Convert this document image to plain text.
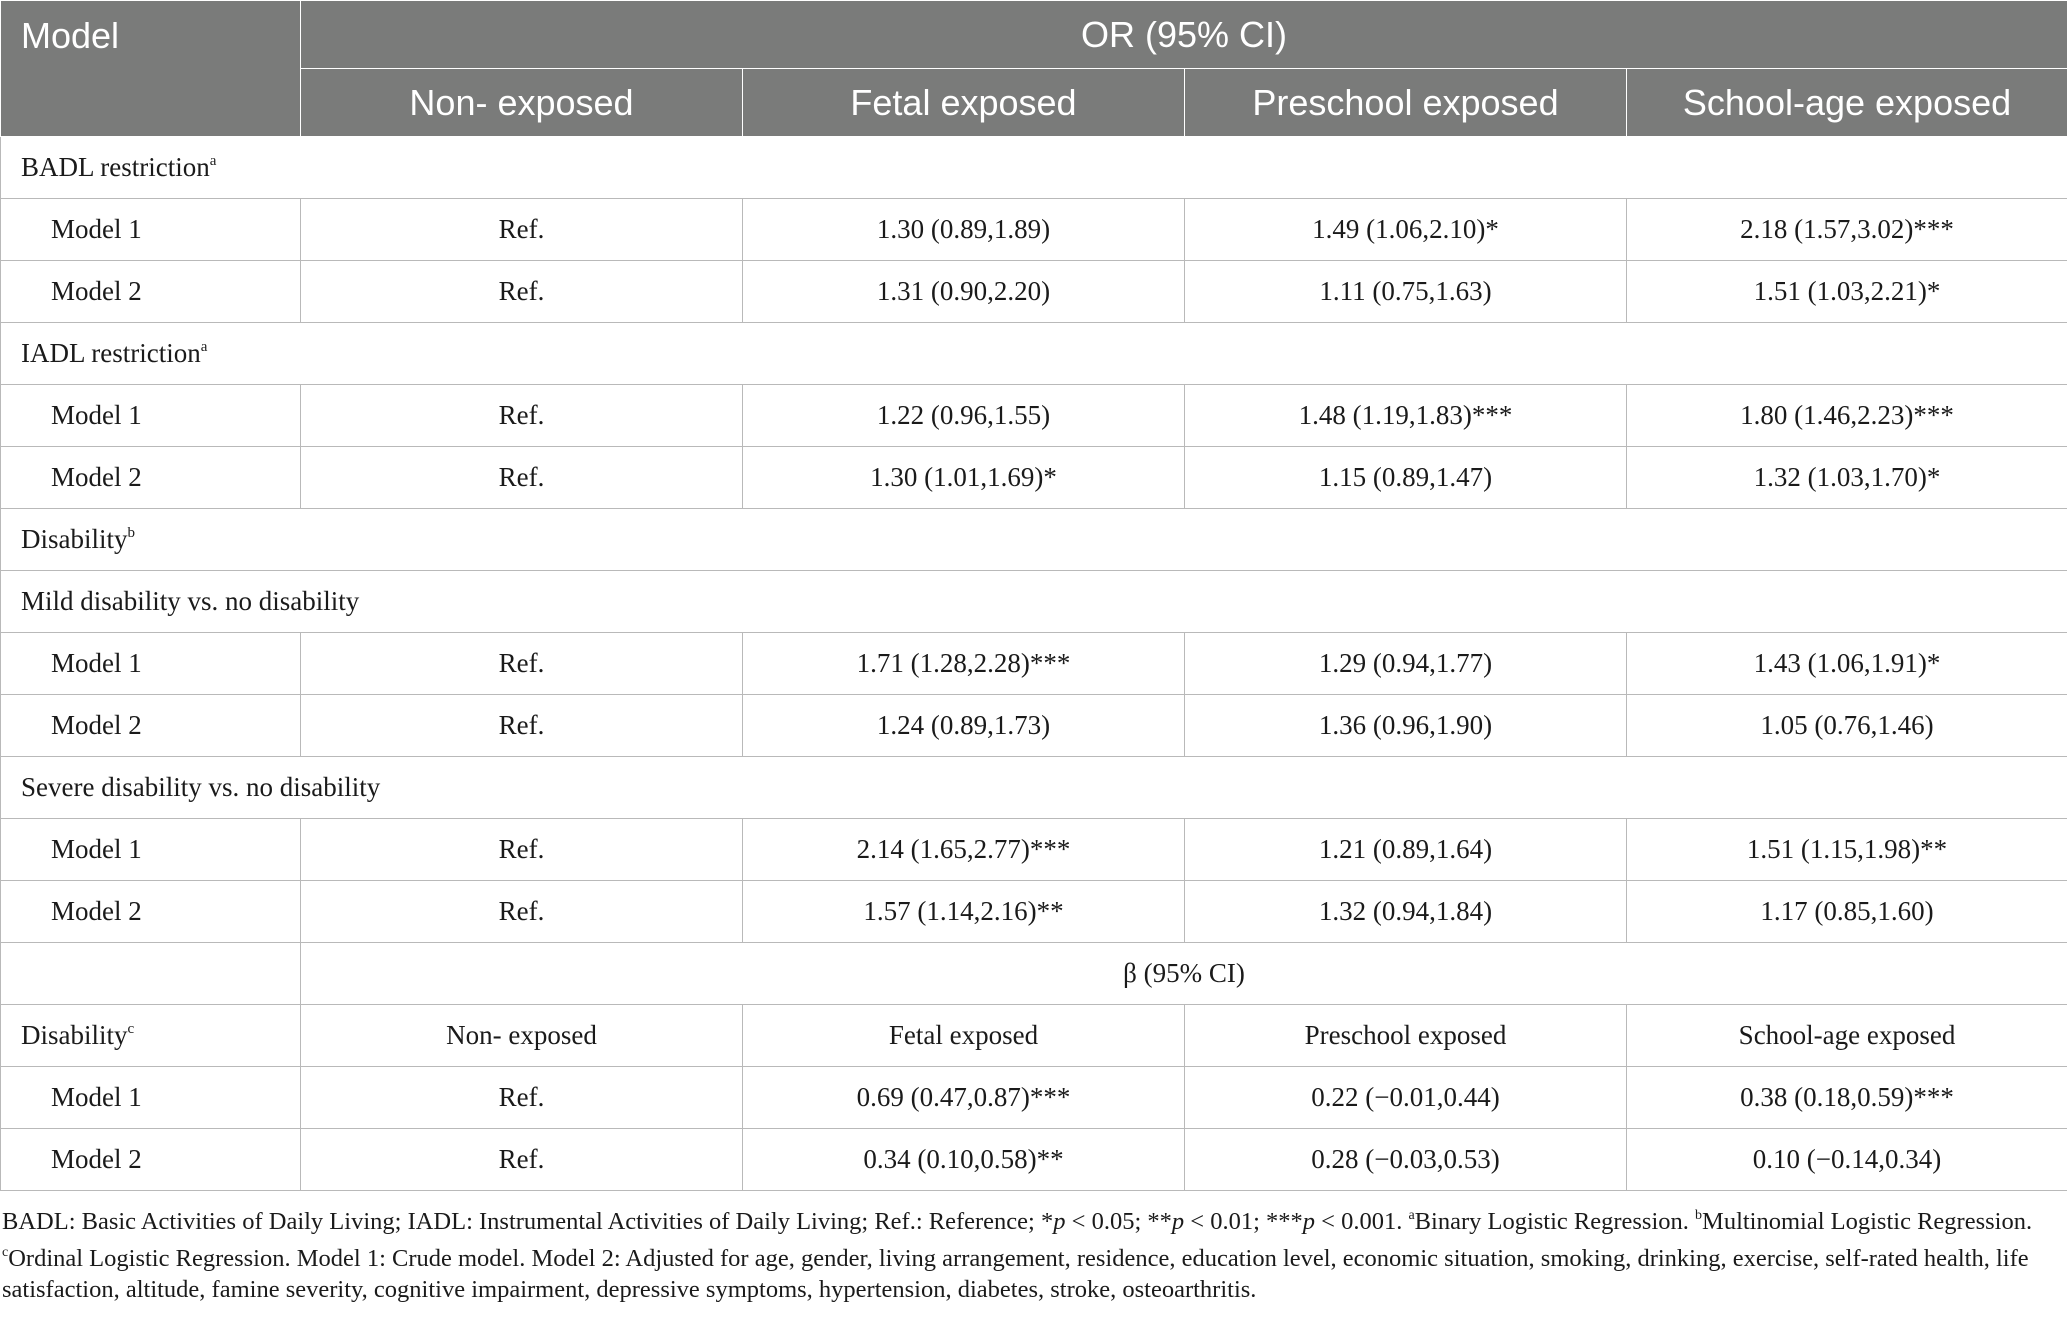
Model	OR (95% CI)			
	Non- exposed	Fetal exposed	Preschool exposed	School-age exposed
BADL restriction$^a$
Model 1	Ref.	1.30 (0.89,1.89)	1.49 (1.06,2.10)*	2.18 (1.57,3.02)***
Model 2	Ref.	1.31 (0.90,2.20)	1.11 (0.75,1.63)	1.51 (1.03,2.21)*
IADL restriction$^a$
Model 1	Ref.	1.22 (0.96,1.55)	1.48 (1.19,1.83)***	1.80 (1.46,2.23)***
Model 2	Ref.	1.30 (1.01,1.69)*	1.15 (0.89,1.47)	1.32 (1.03,1.70)*
Disability$^b$
Mild disability vs. no disability				
Model 1	Ref.	1.71 (1.28,2.28)***	1.29 (0.94,1.77)	1.43 (1.06,1.91)*
Model 2	Ref.	1.24 (0.89,1.73)	1.36 (0.96,1.90)	1.05 (0.76,1.46)
Severe disability vs. no disability				
Model 1	Ref.	2.14 (1.65,2.77)***	1.21 (0.89,1.64)	1.51 (1.15,1.98)**
Model 2	Ref.	1.57 (1.14,2.16)**	1.32 (0.94,1.84)	1.17 (0.85,1.60)
	β (95% CI)			
Disability$^c$	Non- exposed	Fetal exposed	Preschool exposed	School-age exposed
Model 1	Ref.	0.69 (0.47,0.87)***	0.22 (−0.01,0.44)	0.38 (0.18,0.59)***
Model 2	Ref.	0.34 (0.10,0.58)**	0.28 (−0.03,0.53)	0.10 (−0.14,0.34)
BADL: Basic Activities of Daily Living; IADL: Instrumental Activities of Daily Living; Ref.: Reference; *p < 0.05; **p < 0.01; ***p < 0.001. $^a$Binary Logistic Regression. $^b$Multinomial Logistic Regression. $^c$Ordinal Logistic Regression. Model 1: Crude model. Model 2: Adjusted for age, gender, living arrangement, residence, education level, economic situation, smoking, drinking, exercise, self-rated health, life satisfaction, altitude, famine severity, cognitive impairment, depressive symptoms, hypertension, diabetes, stroke, osteoarthritis.
